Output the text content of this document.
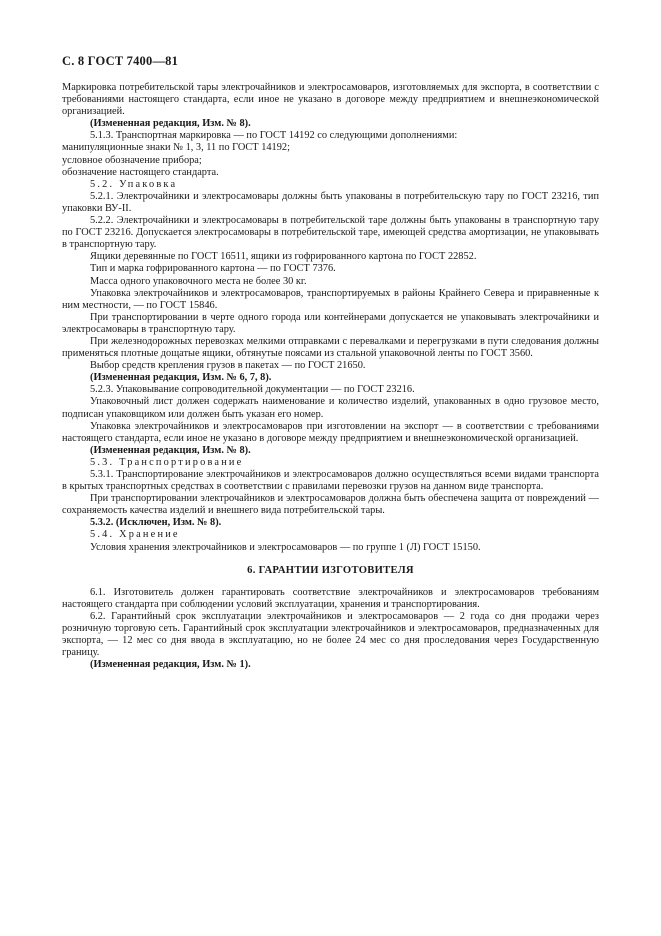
С. 8 ГОСТ 7400—81

Маркировка потребительской тары электрочайников и электросамоваров, изготовляемых для экспорта, в соответствии с требованиями настоящего стандарта, если иное не указано в договоре между предприятием и внешнеэкономической организацией.

(Измененная редакция, Изм. № 8).

5.1.3. Транспортная маркировка — по ГОСТ 14192 со следующими дополнениями:

манипуляционные знаки № 1, 3, 11 по ГОСТ 14192;

условное обозначение прибора;

обозначение настоящего стандарта.

5.2. Упаковка

5.2.1. Электрочайники и электросамовары должны быть упакованы в потребительскую тару по ГОСТ 23216, тип упаковки ВУ-II.

5.2.2. Электрочайники и электросамовары в потребительской таре должны быть упакованы в транспортную тару по ГОСТ 23216. Допускается электросамовары в потребительской таре, имеющей средства амортизации, не упаковывать в транспортную тару.

Ящики деревянные по ГОСТ 16511, ящики из гофрированного картона по ГОСТ 22852.

Тип и марка гофрированного картона — по ГОСТ 7376.

Масса одного упаковочного места не более 30 кг.

Упаковка электрочайников и электросамоваров, транспортируемых в районы Крайнего Севера и приравненные к ним местности, — по ГОСТ 15846.

При транспортировании в черте одного города или контейнерами допускается не упаковывать электрочайники и электросамовары в транспортную тару.

При железнодорожных перевозках мелкими отправками с перевалками и перегрузками в пути следования должны применяться плотные дощатые ящики, обтянутые поясами из стальной упаковочной ленты по ГОСТ 3560.

Выбор средств крепления грузов в пакетах — по ГОСТ 21650.

(Измененная редакция, Изм. № 6, 7, 8).

5.2.3. Упаковывание сопроводительной документации — по ГОСТ 23216.

Упаковочный лист должен содержать наименование и количество изделий, упакованных в одно грузовое место, подписан упаковщиком или должен быть указан его номер.

Упаковка электрочайников и электросамоваров при изготовлении на экспорт — в соответствии с требованиями настоящего стандарта, если иное не указано в договоре между предприятием и внешнеэкономической организацией.

(Измененная редакция, Изм. № 8).

5.3. Транспортирование

5.3.1. Транспортирование электрочайников и электросамоваров должно осуществляться всеми видами транспорта в крытых транспортных средствах в соответствии с правилами перевозки грузов на данном виде транспорта.

При транспортировании электрочайников и электросамоваров должна быть обеспечена защита от повреждений — сохраняемость качества изделий и внешнего вида потребительской тары.

5.3.2. (Исключен, Изм. № 8).

5.4. Хранение

Условия хранения электрочайников и электросамоваров — по группе 1 (Л) ГОСТ 15150.

6. ГАРАНТИИ ИЗГОТОВИТЕЛЯ

6.1. Изготовитель должен гарантировать соответствие электрочайников и электросамоваров требованиям настоящего стандарта при соблюдении условий эксплуатации, хранения и транспортирования.

6.2. Гарантийный срок эксплуатации электрочайников и электросамоваров — 2 года со дня продажи через розничную торговую сеть. Гарантийный срок эксплуатации электрочайников и электросамоваров, предназначенных для экспорта, — 12 мес со дня ввода в эксплуатацию, но не более 24 мес со дня проследования через Государственную границу.

(Измененная редакция, Изм. № 1).
